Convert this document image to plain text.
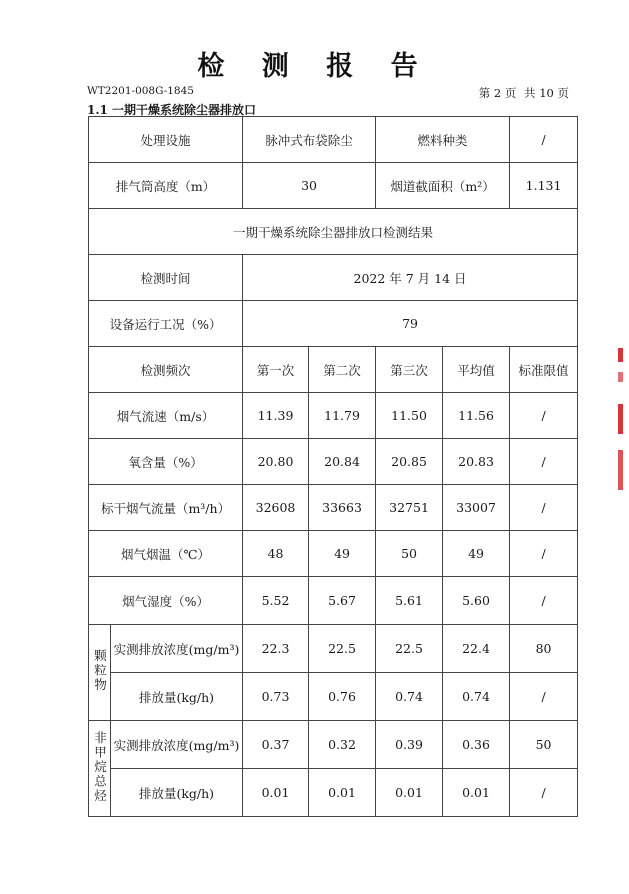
检 测 报 告
WT2201-008G-1845	第 2 页 共 10 页
1.1 一期干燥系统除尘器排放口
处理设施		脉冲式布袋除尘		燃料种类		/
排气筒高度（m）		30		烟道截面积（m²）		1.131
一期干燥系统除尘器排放口检测结果						
检测时间		2022 年 7 月 14 日				
设备运行工况（%）		79				
检测频次		第一次	第二次	第三次	平均值	标准限值
烟气流速（m/s）		11.39	11.79	11.50	11.56	/
氧含量（%）		20.80	20.84	20.85	20.83	/
标干烟气流量（m³/h）		32608	33663	32751	33007	/
烟气烟温（℃）		48	49	50	49	/
烟气湿度（%）		5.52	5.67	5.61	5.60	/
颗粒物	实测排放浓度(mg/m³)	22.3	22.5	22.5	22.4	80
	排放量(kg/h)	0.73	0.76	0.74	0.74	/
非甲烷总烃	实测排放浓度(mg/m³)	0.37	0.32	0.39	0.36	50
	排放量(kg/h)	0.01	0.01	0.01	0.01	/
